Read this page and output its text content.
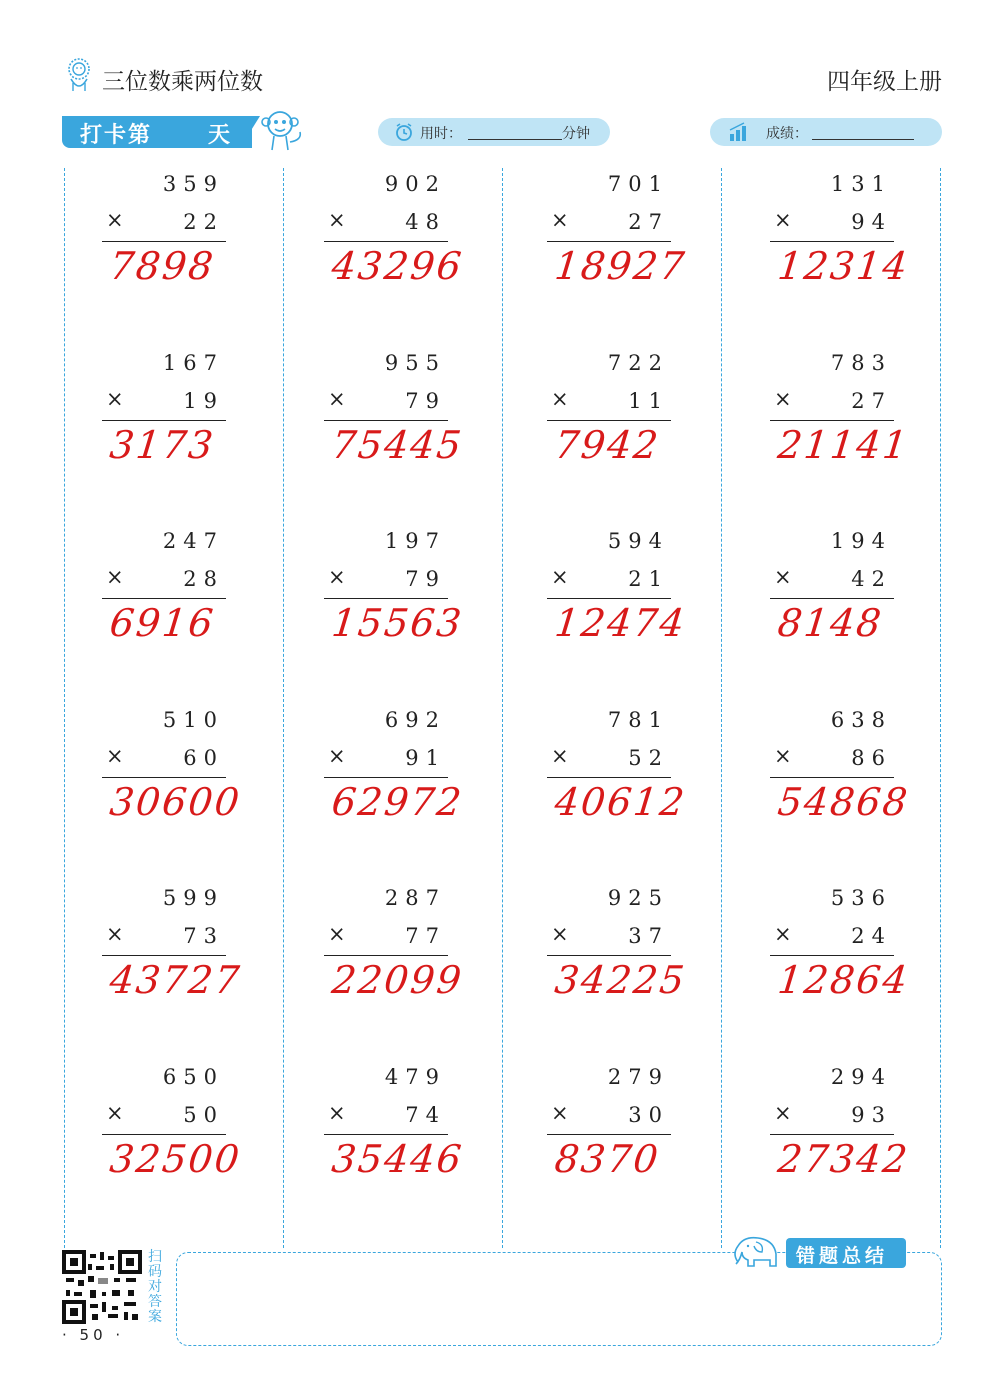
三位数乘两位数	四年级上册
打卡第	天	用时：	分钟	成绩：
359
×	22
7898
167
×	19
3173
247
×	28
6916
510
×	60
30600
599
×	73
43727
650
×	50
32500
902
×	48
43296
955
×	79
75445
197
×	79
15563
692
×	91
62972
287
×	77
22099
479
×	74
35446
701
×	27
18927
722
×	11
7942
594
×	21
12474
781
×	52
40612
925
×	37
34225
279
×	30
8370
131
×	94
12314
783
×	27
21141
194
×	42
8148
638
×	86
54868
536
×	24
12864
294
×	93
27342
扫码对答案
· 50 ·
错题总结
